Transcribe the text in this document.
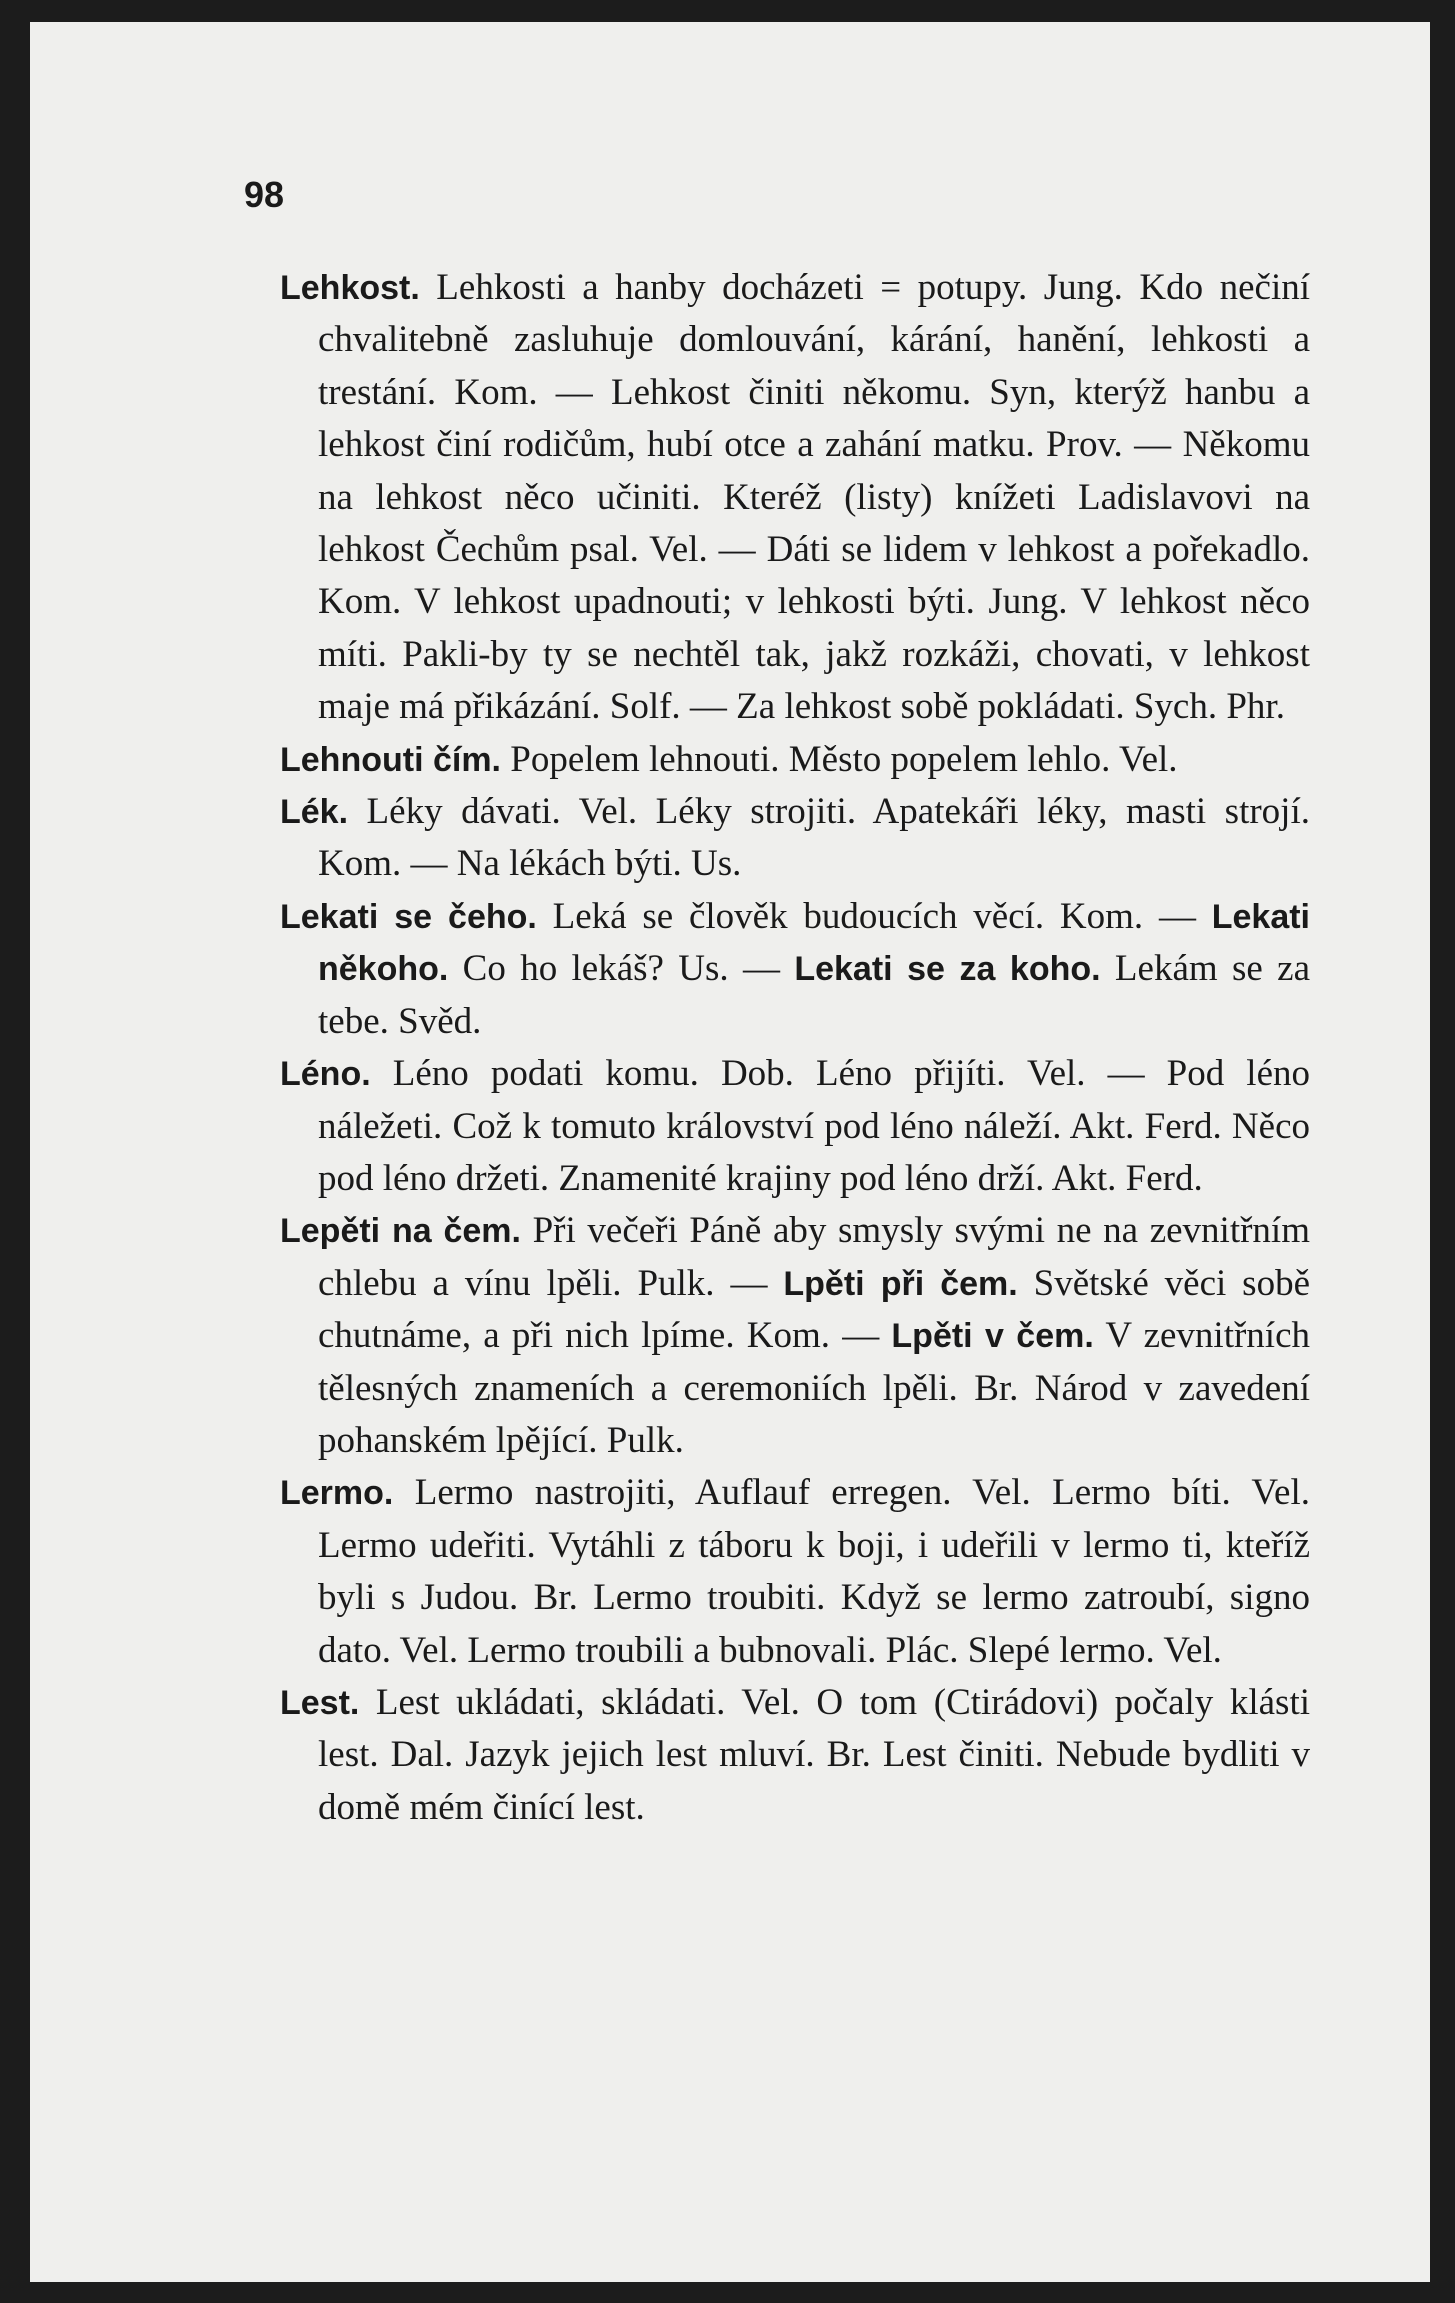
98

Lehkost. Lehkosti a hanby docházeti = potupy. Jung. Kdo nečiní chvalitebně zasluhuje domlouvání, kárání, hanění, lehkosti a trestání. Kom. — Lehkost činiti někomu. Syn, kterýž hanbu a lehkost činí rodičům, hubí otce a zahání matku. Prov. — Někomu na lehkost něco učiniti. Kteréž (listy) knížeti Ladislavovi na lehkost Čechům psal. Vel. — Dáti se lidem v lehkost a pořekadlo. Kom. V lehkost upadnouti; v lehkosti býti. Jung. V lehkost něco míti. Pakli-by ty se nechtěl tak, jakž rozkáži, chovati, v lehkost maje má přikázání. Solf. — Za lehkost sobě pokládati. Sych. Phr.

Lehnouti čím. Popelem lehnouti. Město popelem lehlo. Vel.

Lék. Léky dávati. Vel. Léky strojiti. Apatekáři léky, masti strojí. Kom. — Na lékách býti. Us.

Lekati se čeho. Leká se člověk budoucích věcí. Kom. — Lekati někoho. Co ho lekáš? Us. — Lekati se za koho. Lekám se za tebe. Svěd.

Léno. Léno podati komu. Dob. Léno přijíti. Vel. — Pod léno náležeti. Což k tomuto království pod léno náleží. Akt. Ferd. Něco pod léno držeti. Znamenité krajiny pod léno drží. Akt. Ferd.

Lepěti na čem. Při večeři Páně aby smysly svými ne na zevnitřním chlebu a vínu lpěli. Pulk. — Lpěti při čem. Světské věci sobě chutnáme, a při nich lpíme. Kom. — Lpěti v čem. V zevnitřních tělesných znameních a ceremoniích lpěli. Br. Národ v zavedení pohanském lpějící. Pulk.

Lermo. Lermo nastrojiti, Auflauf erregen. Vel. Lermo bíti. Vel. Lermo udeřiti. Vytáhli z táboru k boji, i udeřili v lermo ti, kteříž byli s Judou. Br. Lermo troubiti. Když se lermo zatroubí, signo dato. Vel. Lermo troubili a bubnovali. Plác. Slepé lermo. Vel.

Lest. Lest ukládati, skládati. Vel. O tom (Ctirádovi) počaly klásti lest. Dal. Jazyk jejich lest mluví. Br. Lest činiti. Nebude bydliti v domě mém činící lest.
